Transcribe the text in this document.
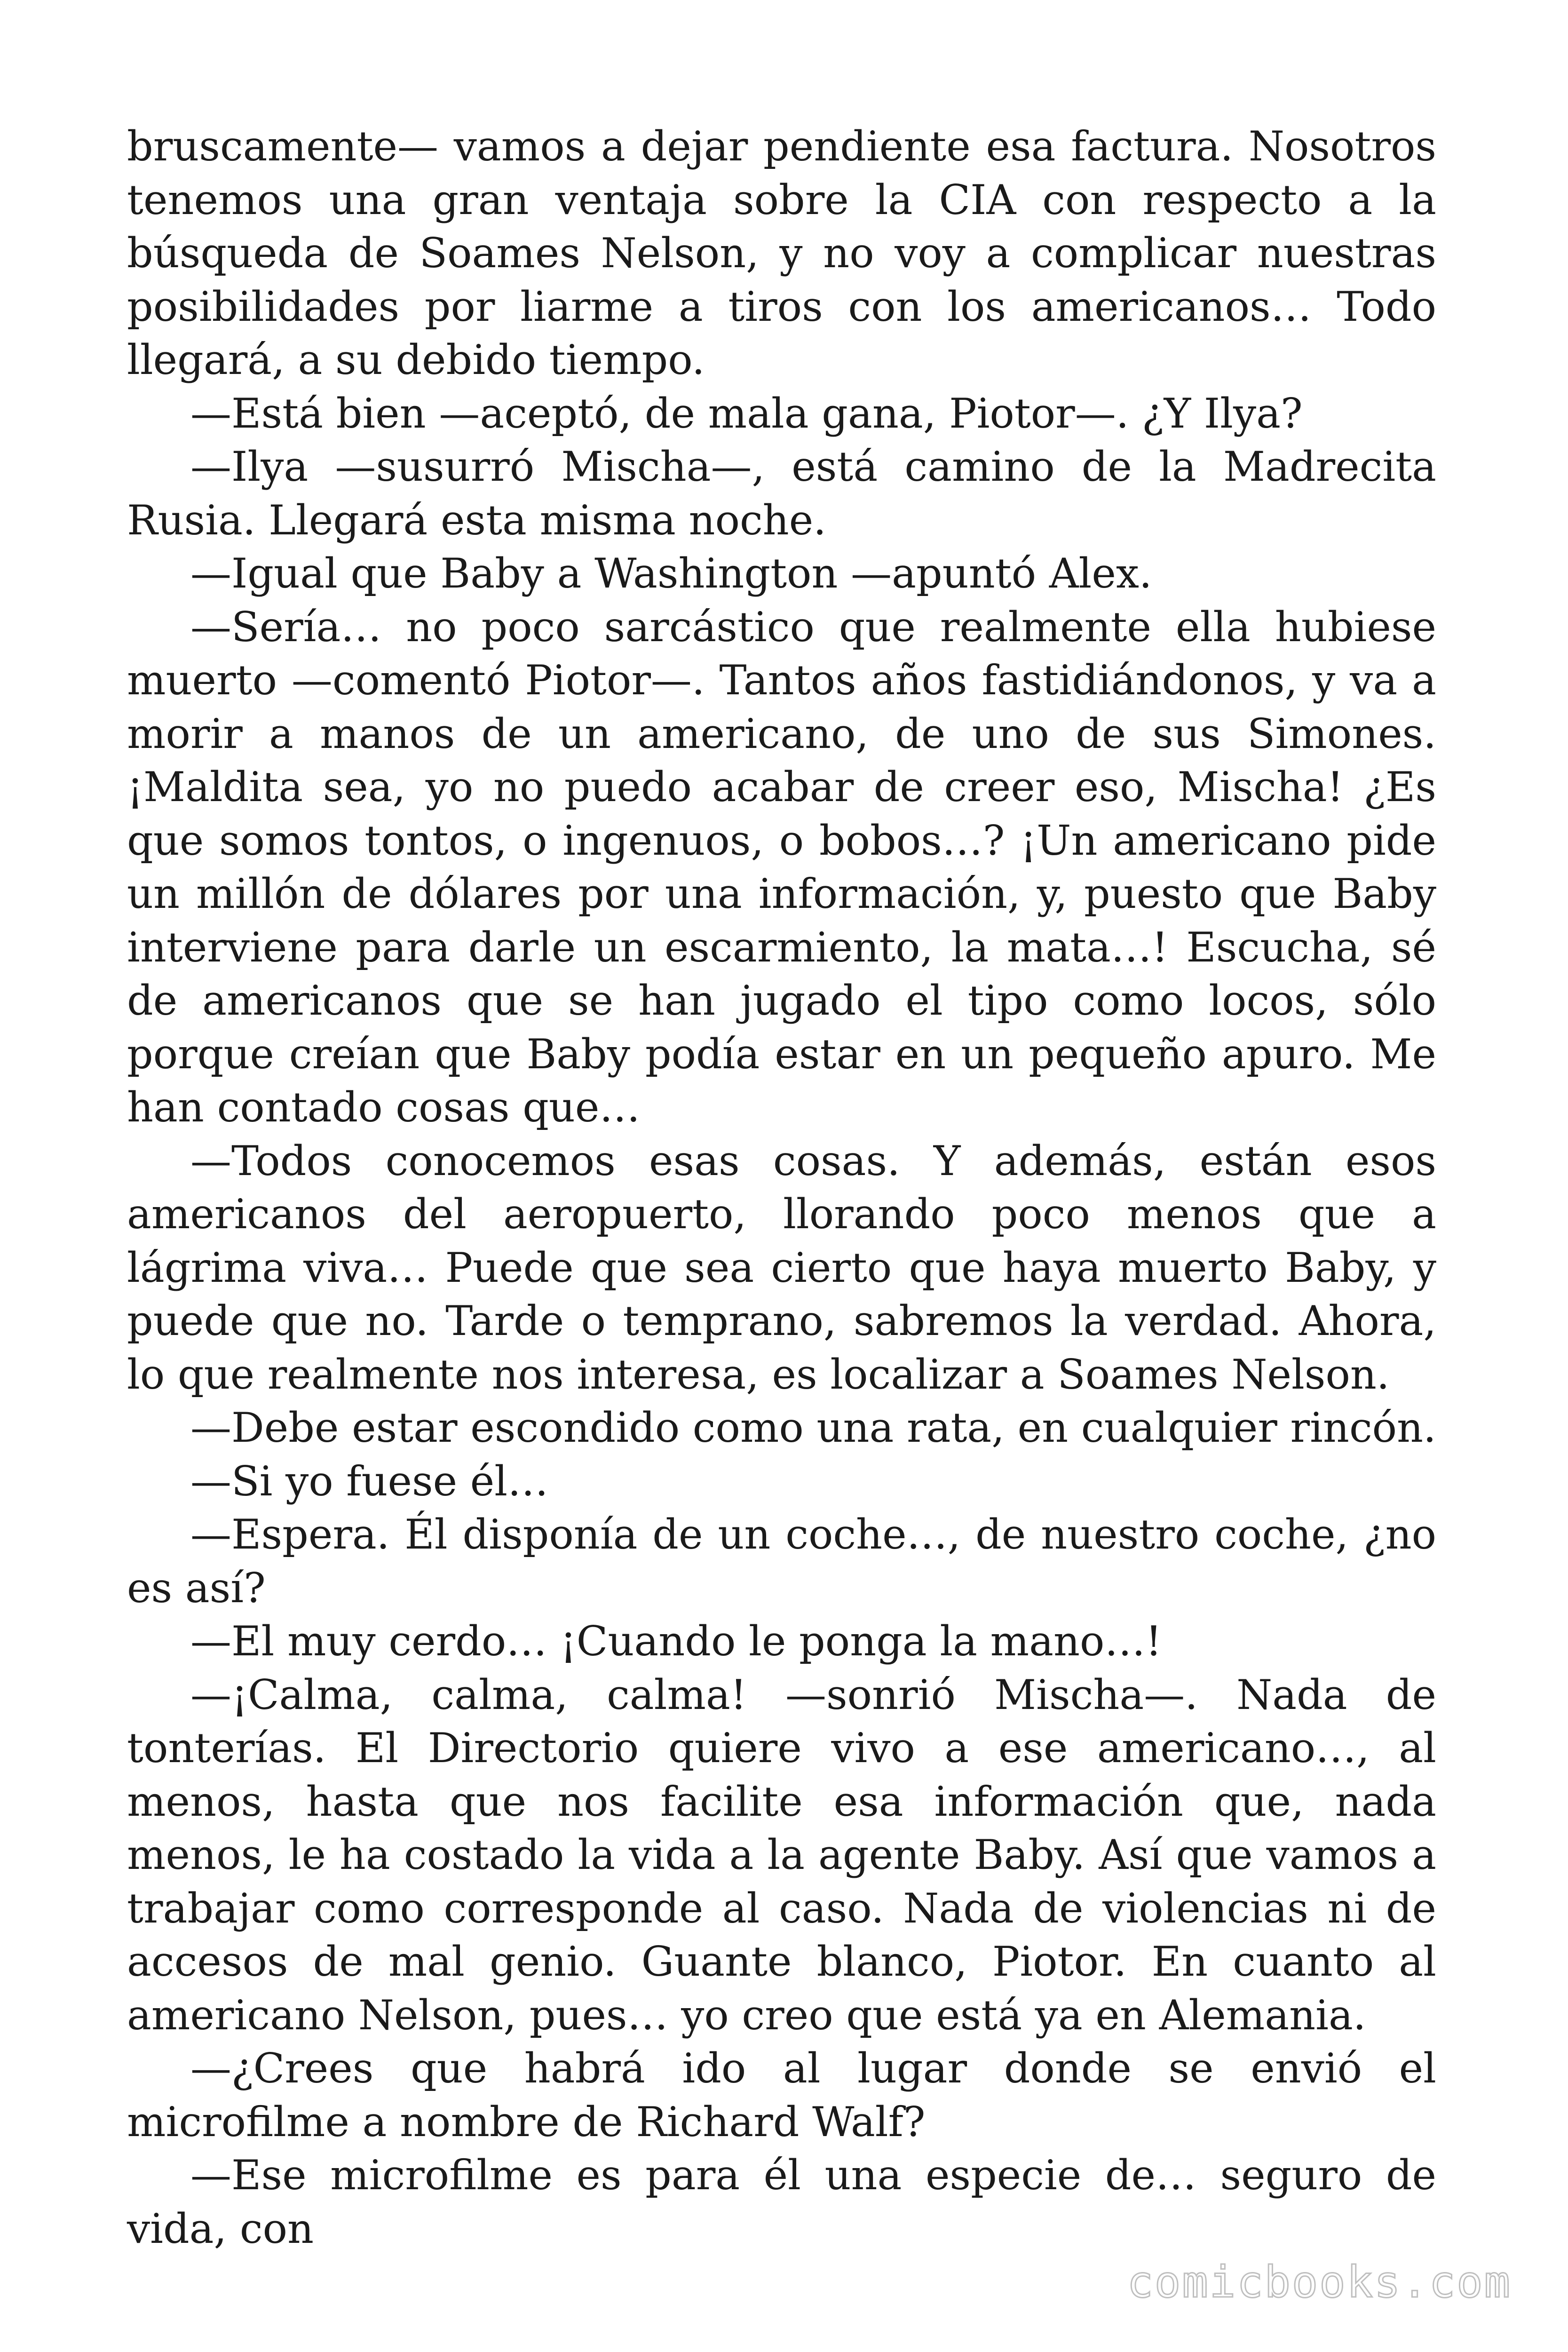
bruscamente— vamos a dejar pendiente esa factura. Nosotros tenemos una gran ventaja sobre la CIA con respecto a la búsqueda de Soames Nelson, y no voy a complicar nuestras posibilidades por liarme a tiros con los americanos… Todo llegará, a su debido tiempo.

—Está bien —aceptó, de mala gana, Piotor—. ¿Y Ilya?

—Ilya —susurró Mischa—, está camino de la Madrecita Rusia. Llegará esta misma noche.

—Igual que Baby a Washington —apuntó Alex.

—Sería… no poco sarcástico que realmente ella hubiese muerto —comentó Piotor—. Tantos años fastidiándonos, y va a morir a manos de un americano, de uno de sus Simones. ¡Maldita sea, yo no puedo acabar de creer eso, Mischa! ¿Es que somos tontos, o ingenuos, o bobos…? ¡Un americano pide un millón de dólares por una información, y, puesto que Baby interviene para darle un escarmiento, la mata…! Escucha, sé de americanos que se han jugado el tipo como locos, sólo porque creían que Baby podía estar en un pequeño apuro. Me han contado cosas que…

—Todos conocemos esas cosas. Y además, están esos americanos del aeropuerto, llorando poco menos que a lágrima viva… Puede que sea cierto que haya muerto Baby, y puede que no. Tarde o temprano, sabremos la verdad. Ahora, lo que realmente nos interesa, es localizar a Soames Nelson.

—Debe estar escondido como una rata, en cualquier rincón.

—Si yo fuese él…

—Espera. Él disponía de un coche…, de nuestro coche, ¿no es así?

—El muy cerdo… ¡Cuando le ponga la mano…!

—¡Calma, calma, calma! —sonrió Mischa—. Nada de tonterías. El Directorio quiere vivo a ese americano…, al menos, hasta que nos facilite esa información que, nada menos, le ha costado la vida a la agente Baby. Así que vamos a trabajar como corresponde al caso. Nada de violencias ni de accesos de mal genio. Guante blanco, Piotor. En cuanto al americano Nelson, pues… yo creo que está ya en Alemania.

—¿Crees que habrá ido al lugar donde se envió el microfilme a nombre de Richard Walf?

—Ese microfilme es para él una especie de… seguro de vida, con

comicbooks.com
